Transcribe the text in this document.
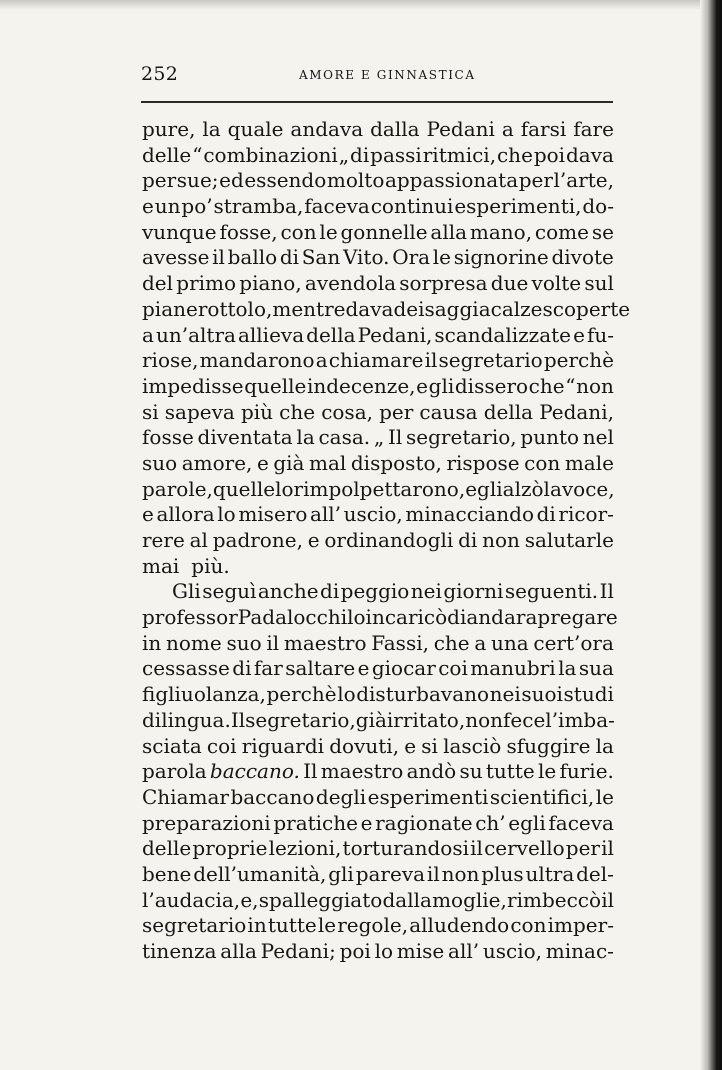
252	AMORE E GINNASTICA
pure, la quale andava dalla Pedani a farsi fare
delle “ combinazioni „ di passi ritmici, che poi dava
per sue; ed essendo molto appassionata per l’arte,
e un po’ stramba, faceva continui esperimenti, do-
vunque fosse, con le gonnelle alla mano, come se
avesse il ballo di San Vito. Ora le signorine divote
del primo piano, avendola sorpresa due volte sul
pianerottolo, mentre dava dei saggi a calze scoperte
a un’altra allieva della Pedani, scandalizzate e fu-
riose, mandarono a chiamare il segretario perchè
impedisse quelle indecenze, e gli dissero che “ non
si sapeva più che cosa, per causa della Pedani,
fosse diventata la casa. „ Il segretario, punto nel
suo amore, e già mal disposto, rispose con male
parole, quelle lo rimpolpettarono, egli alzò la voce,
e allora lo misero all’ uscio, minacciando di ricor-
rere al padrone, e ordinandogli di non salutarle
mai più.
Gli seguì anche di peggio nei giorni seguenti. Il
professor Padalocchi lo incaricò di andar a pregare
in nome suo il maestro Fassi, che a una cert’ora
cessasse di far saltare e giocar coi manubri la sua
figliuolanza, perchè lo disturbavano nei suoi studi
di lingua. Il segretario, già irritato, non fece l’imba-
sciata coi riguardi dovuti, e si lasciò sfuggire la
parola baccano. Il maestro andò su tutte le furie.
Chiamar baccano degli esperimenti scientifici, le
preparazioni pratiche e ragionate ch’ egli faceva
delle proprie lezioni, torturandosi il cervello per il
bene dell’umanità, gli pareva il non plus ultra del-
l’audacia, e, spalleggiato dalla moglie, rimbeccò il
segretario in tutte le regole, alludendo con imper-
tinenza alla Pedani; poi lo mise all’ uscio, minac-
